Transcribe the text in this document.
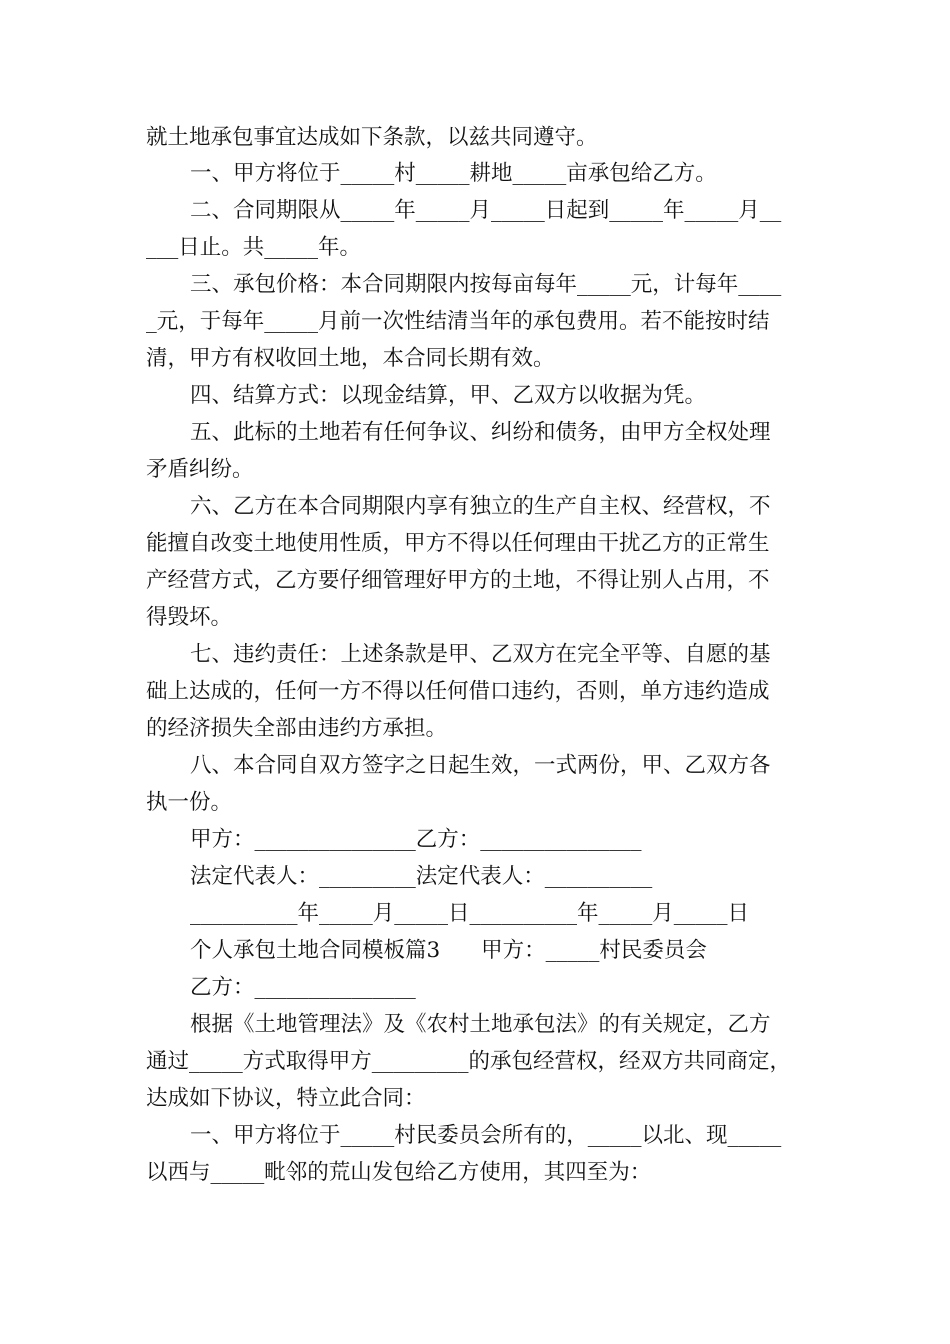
就土地承包事宜达成如下条款，以兹共同遵守。
一、甲方将位于_____村_____耕地_____亩承包给乙方。
二、合同期限从_____年_____月_____日起到_____年_____月__
___日止。共_____年。
三、承包价格：本合同期限内按每亩每年_____元，计每年____
_元，于每年_____月前一次性结清当年的承包费用。若不能按时结
清，甲方有权收回土地，本合同长期有效。
四、结算方式：以现金结算，甲、乙双方以收据为凭。
五、此标的土地若有任何争议、纠纷和债务，由甲方全权处理
矛盾纠纷。
六、乙方在本合同期限内享有独立的生产自主权、经营权，不
能擅自改变土地使用性质，甲方不得以任何理由干扰乙方的正常生
产经营方式，乙方要仔细管理好甲方的土地，不得让别人占用，不
得毁坏。
七、违约责任：上述条款是甲、乙双方在完全平等、自愿的基
础上达成的，任何一方不得以任何借口违约，否则，单方违约造成
的经济损失全部由违约方承担。
八、本合同自双方签字之日起生效，一式两份，甲、乙双方各
执一份。
甲方：_______________乙方：_______________
法定代表人：_________法定代表人：__________
__________年_____月_____日__________年_____月_____日
个人承包土地合同模板篇3      甲方：_____村民委员会
乙方：_______________
根据《土地管理法》及《农村土地承包法》的有关规定，乙方
通过_____方式取得甲方_________的承包经营权，经双方共同商定，
达成如下协议，特立此合同：
一、甲方将位于_____村民委员会所有的，_____以北、现_____
以西与_____毗邻的荒山发包给乙方使用，其四至为：
